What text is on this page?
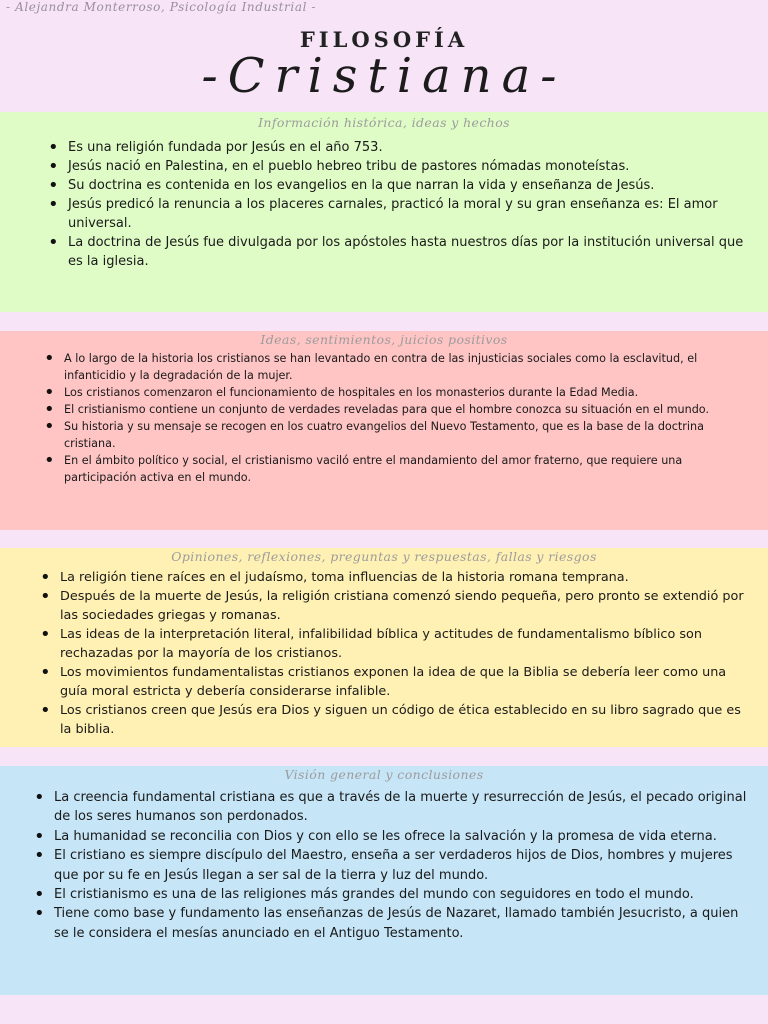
- Alejandra Monterroso, Psicología Industrial -
FILOSOFÍA
-Cristiana-
Información histórica, ideas y hechos
• Es una religión fundada por Jesús en el año 753.
• Jesús nació en Palestina, en el pueblo hebreo tribu de pastores nómadas monoteístas.
• Su doctrina es contenida en los evangelios en la que narran la vida y enseñanza de Jesús.
• Jesús predicó la renuncia a los placeres carnales, practicó la moral y su gran enseñanza es: El amor universal.
• La doctrina de Jesús fue divulgada por los apóstoles hasta nuestros días por la institución universal que es la iglesia.
Ideas, sentimientos, juicios positivos
• A lo largo de la historia los cristianos se han levantado en contra de las injusticias sociales como la esclavitud, el infanticidio y la degradación de la mujer.
• Los cristianos comenzaron el funcionamiento de hospitales en los monasterios durante la Edad Media.
• El cristianismo contiene un conjunto de verdades reveladas para que el hombre conozca su situación en el mundo.
• Su historia y su mensaje se recogen en los cuatro evangelios del Nuevo Testamento, que es la base de la doctrina cristiana.
• En el ámbito político y social, el cristianismo vaciló entre el mandamiento del amor fraterno, que requiere una participación activa en el mundo.
Opiniones, reflexiones, preguntas y respuestas, fallas y riesgos
• La religión tiene raíces en el judaísmo, toma influencias de la historia romana temprana.
• Después de la muerte de Jesús, la religión cristiana comenzó siendo pequeña, pero pronto se extendió por las sociedades griegas y romanas.
• Las ideas de la interpretación literal, infalibilidad bíblica y actitudes de fundamentalismo bíblico son rechazadas por la mayoría de los cristianos.
• Los movimientos fundamentalistas cristianos exponen la idea de que la Biblia se debería leer como una guía moral estricta y debería considerarse infalible.
• Los cristianos creen que Jesús era Dios y siguen un código de ética establecido en su libro sagrado que es la biblia.
Visión general y conclusiones
• La creencia fundamental cristiana es que a través de la muerte y resurrección de Jesús, el pecado original de los seres humanos son perdonados.
• La humanidad se reconcilia con Dios y con ello se les ofrece la salvación y la promesa de vida eterna.
• El cristiano es siempre discípulo del Maestro, enseña a ser verdaderos hijos de Dios, hombres y mujeres que por su fe en Jesús llegan a ser sal de la tierra y luz del mundo.
• El cristianismo es una de las religiones más grandes del mundo con seguidores en todo el mundo.
• Tiene como base y fundamento las enseñanzas de Jesús de Nazaret, llamado también Jesucristo, a quien se le considera el mesías anunciado en el Antiguo Testamento.
